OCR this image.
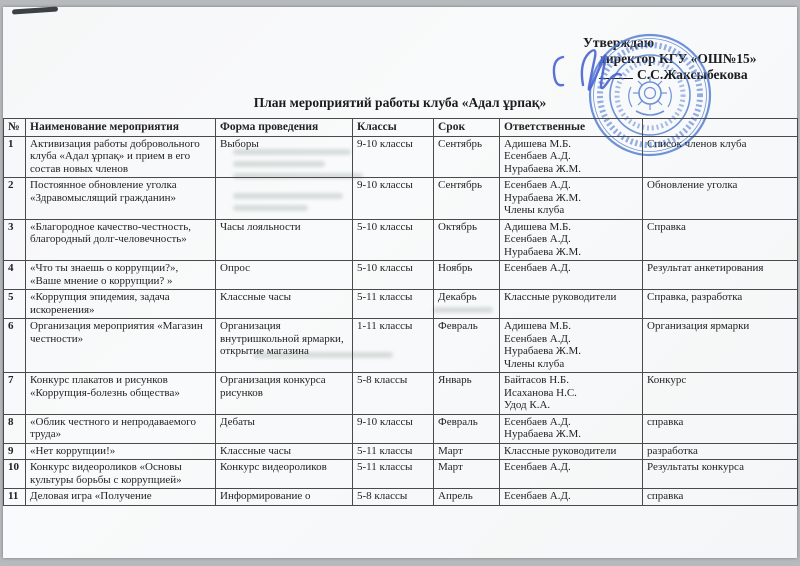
Утверждаю
директор КГУ «ОШ№15»
С.С.Жаксыбекова
План мероприятий работы клуба «Адал ұрпақ»
№	Наименование мероприятия	Форма проведения	Классы	Срок	Ответственные	
1	Активизация работы добровольного клуба «Адал ұрпақ» и прием в его состав новых членов	Выборы	9-10 классы	Сентябрь	Адишева М.Б.
Есенбаев А.Д.
Нурабаева Ж.М.	Список членов клуба
2	Постоянное обновление уголка «Здравомыслящий гражданин»		9-10 классы	Сентябрь	Есенбаев А.Д.
Нурабаева Ж.М.
Члены клуба	Обновление уголка
3	«Благородное качество-честность, благородный долг-человечность»	Часы лояльности	5-10 классы	Октябрь	Адишева М.Б.
Есенбаев А.Д.
Нурабаева Ж.М.	Справка
4	«Что ты знаешь о коррупции?», «Ваше мнение о коррупции? »	Опрос	5-10 классы	Ноябрь	Есенбаев А.Д.	Результат анкетирования
5	«Коррупция эпидемия, задача искоренения»	Классные часы	5-11 классы	Декабрь	Классные руководители	Справка, разработка
6	Организация мероприятия «Магазин честности»	Организация внутришкольной ярмарки, открытие магазина	1-11 классы	Февраль	Адишева М.Б.
Есенбаев А.Д.
Нурабаева Ж.М.
Члены клуба	Организация ярмарки
7	Конкурс плакатов и рисунков «Коррупция-болезнь общества»	Организация конкурса рисунков	5-8 классы	Январь	Байтасов Н.Б.
Исаханова Н.С.
Удод К.А.	Конкурс
8	«Облик честного и непродаваемого труда»	Дебаты	9-10 классы	Февраль	Есенбаев А.Д.
Нурабаева Ж.М.	справка
9	«Нет коррупции!»	Классные часы	5-11 классы	Март	Классные руководители	разработка
10	Конкурс видеороликов «Основы культуры борьбы с коррупцией»	Конкурс видеороликов	5-11 классы	Март	Есенбаев А.Д.	Результаты конкурса
11	Деловая игра «Получение	Информирование о	5-8 классы	Апрель	Есенбаев А.Д.	справка
